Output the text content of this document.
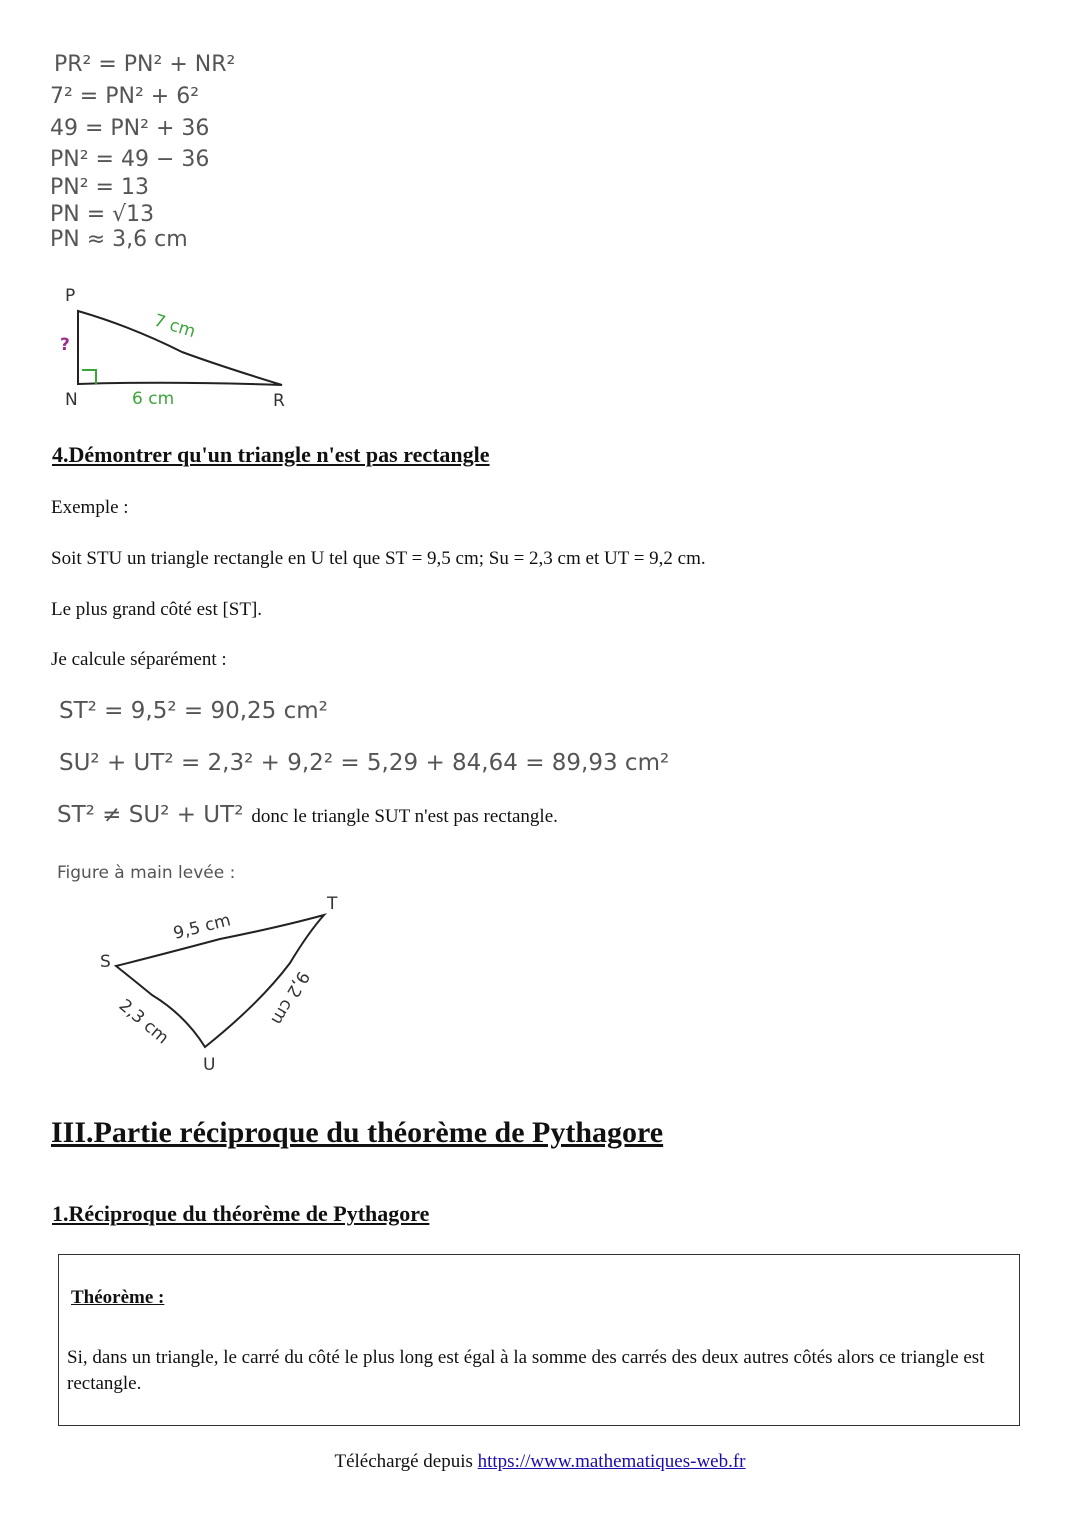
PR² = PN² + NR²
7² = PN² + 6²
49 = PN² + 36
PN² = 49 − 36
PN² = 13
PN = √13
PN ≈ 3,6 cm
P
N	R
?
7 cm
6 cm
4.Démontrer qu'un triangle n'est pas rectangle
Exemple :
Soit STU un triangle rectangle en U tel que ST = 9,5 cm; Su = 2,3 cm et UT = 9,2 cm.
Le plus grand côté est [ST].
Je calcule séparément :
ST² = 9,5² = 90,25 cm²
SU² + UT² = 2,3² + 9,2² = 5,29 + 84,64 = 89,93 cm²
ST² ≠ SU² + UT² donc le triangle SUT n'est pas rectangle.
Figure à main levée :
S
T
U
9,5 cm
2,3 cm	9,2 cm
III.Partie réciproque du théorème de Pythagore
1.Réciproque du théorème de Pythagore
Théorème :
Si, dans un triangle, le carré du côté le plus long est égal à la somme des carrés des deux autres côtés alors ce triangle est rectangle.
Téléchargé depuis https://www.mathematiques-web.fr
